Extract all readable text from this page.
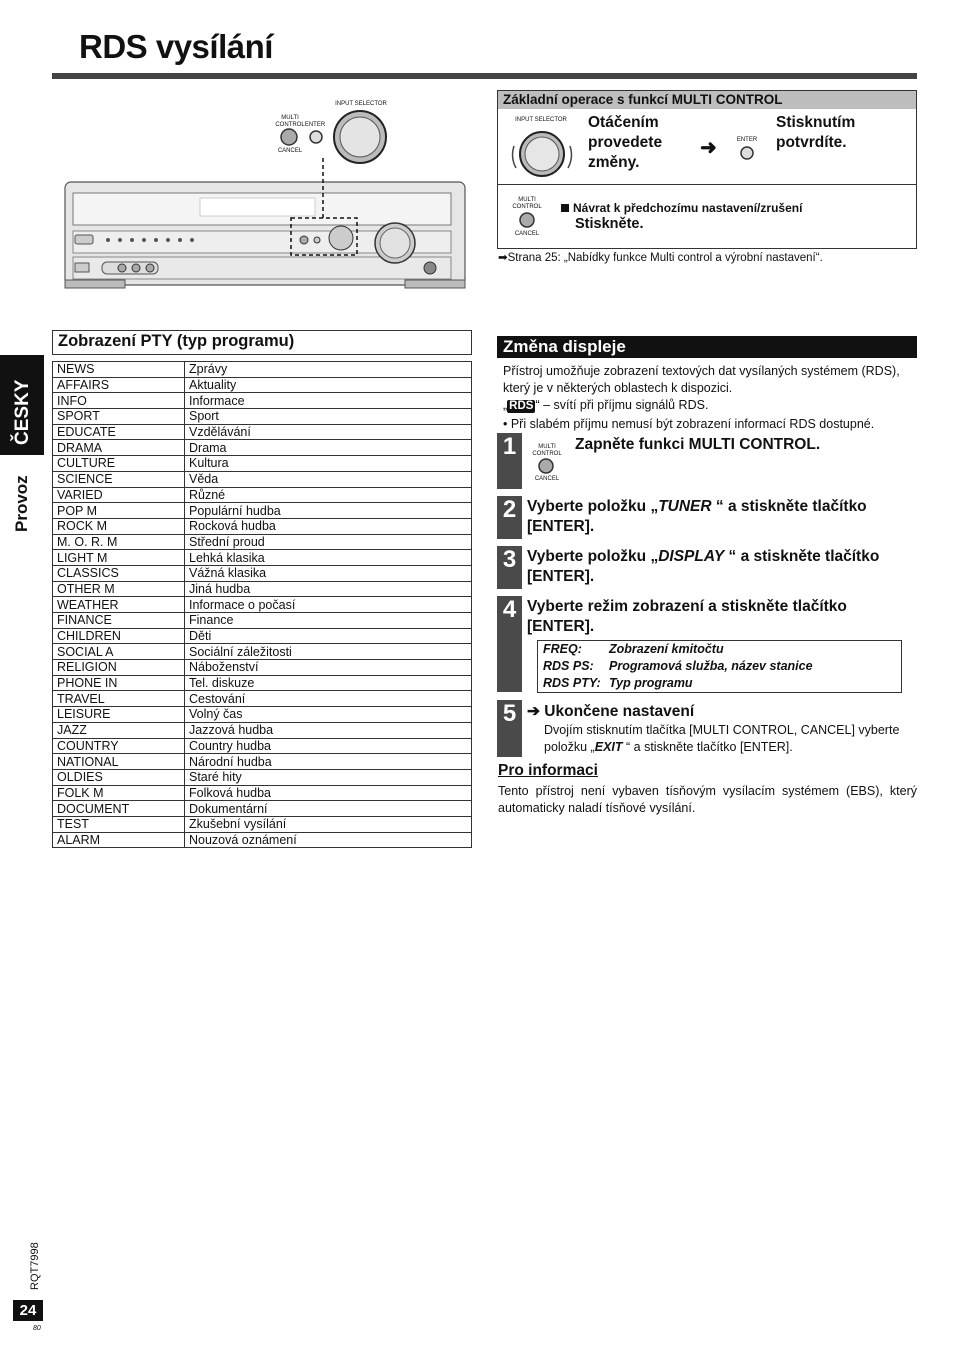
RDS vysílání
ČESKY
Provoz
MULTI
CONTROL ENTER
CANCEL
INPUT SELECTOR	Základní operace s funkcí MULTI CONTROL
INPUT SELECTOR	Otáčením provedete změny.
➜	ENTER
Stisknutím potvrdíte.
MULTI CONTROL
CANCEL
Návrat k předchozímu nastavení/zrušení
Stiskněte.
➡Strana 25: „Nabídky funkce Multi control a výrobní nastavení“.
Zobrazení PTY (typ programu)
NEWS	Zprávy
AFFAIRS	Aktuality
INFO	Informace
SPORT	Sport
EDUCATE	Vzdělávání
DRAMA	Drama
CULTURE	Kultura
SCIENCE	Věda
VARIED	Různé
POP M	Populární hudba
ROCK M	Rocková hudba
M. O. R. M	Střední proud
LIGHT M	Lehká klasika
CLASSICS	Vážná klasika
OTHER M	Jiná hudba
WEATHER	Informace o počasí
FINANCE	Finance
CHILDREN	Děti
SOCIAL A	Sociální záležitosti
RELIGION	Náboženství
PHONE IN	Tel. diskuze
TRAVEL	Cestování
LEISURE	Volný čas
JAZZ	Jazzová hudba
COUNTRY	Country hudba
NATIONAL	Národní hudba
OLDIES	Staré hity
FOLK M	Folková hudba
DOCUMENT	Dokumentární
TEST	Zkušební vysílání
ALARM	Nouzová oznámení
Změna displeje
Přístroj umožňuje zobrazení textových dat vysílaných systémem (RDS), který je v některých oblastech k dispozici.
„ RDS “ – svítí při příjmu signálů RDS.
• Při slabém příjmu nemusí být zobrazení informací RDS dostupné.
1	MULTI CONTROL
CANCEL
Zapněte funkci MULTI CONTROL.
2 Vyberte položku „TUNER “ a stiskněte tlačítko [ENTER].
3 Vyberte položku „DISPLAY “ a stiskněte tlačítko [ENTER].
4 Vyberte režim zobrazení a stiskněte tlačítko [ENTER].
FREQ: Zobrazení kmitočtu
RDS PS: Programová služba, název stanice
RDS PTY: Typ programu
5 ➔ Ukončene nastavení
Dvojím stisknutím tlačítka [MULTI CONTROL, CANCEL] vyberte položku „EXIT “ a stiskněte tlačítko [ENTER].
Pro informaci
Tento přístroj není vybaven tísňovým vysílacím systémem (EBS), který automaticky naladí tísňové vysílání.
RQT7998
24
80
